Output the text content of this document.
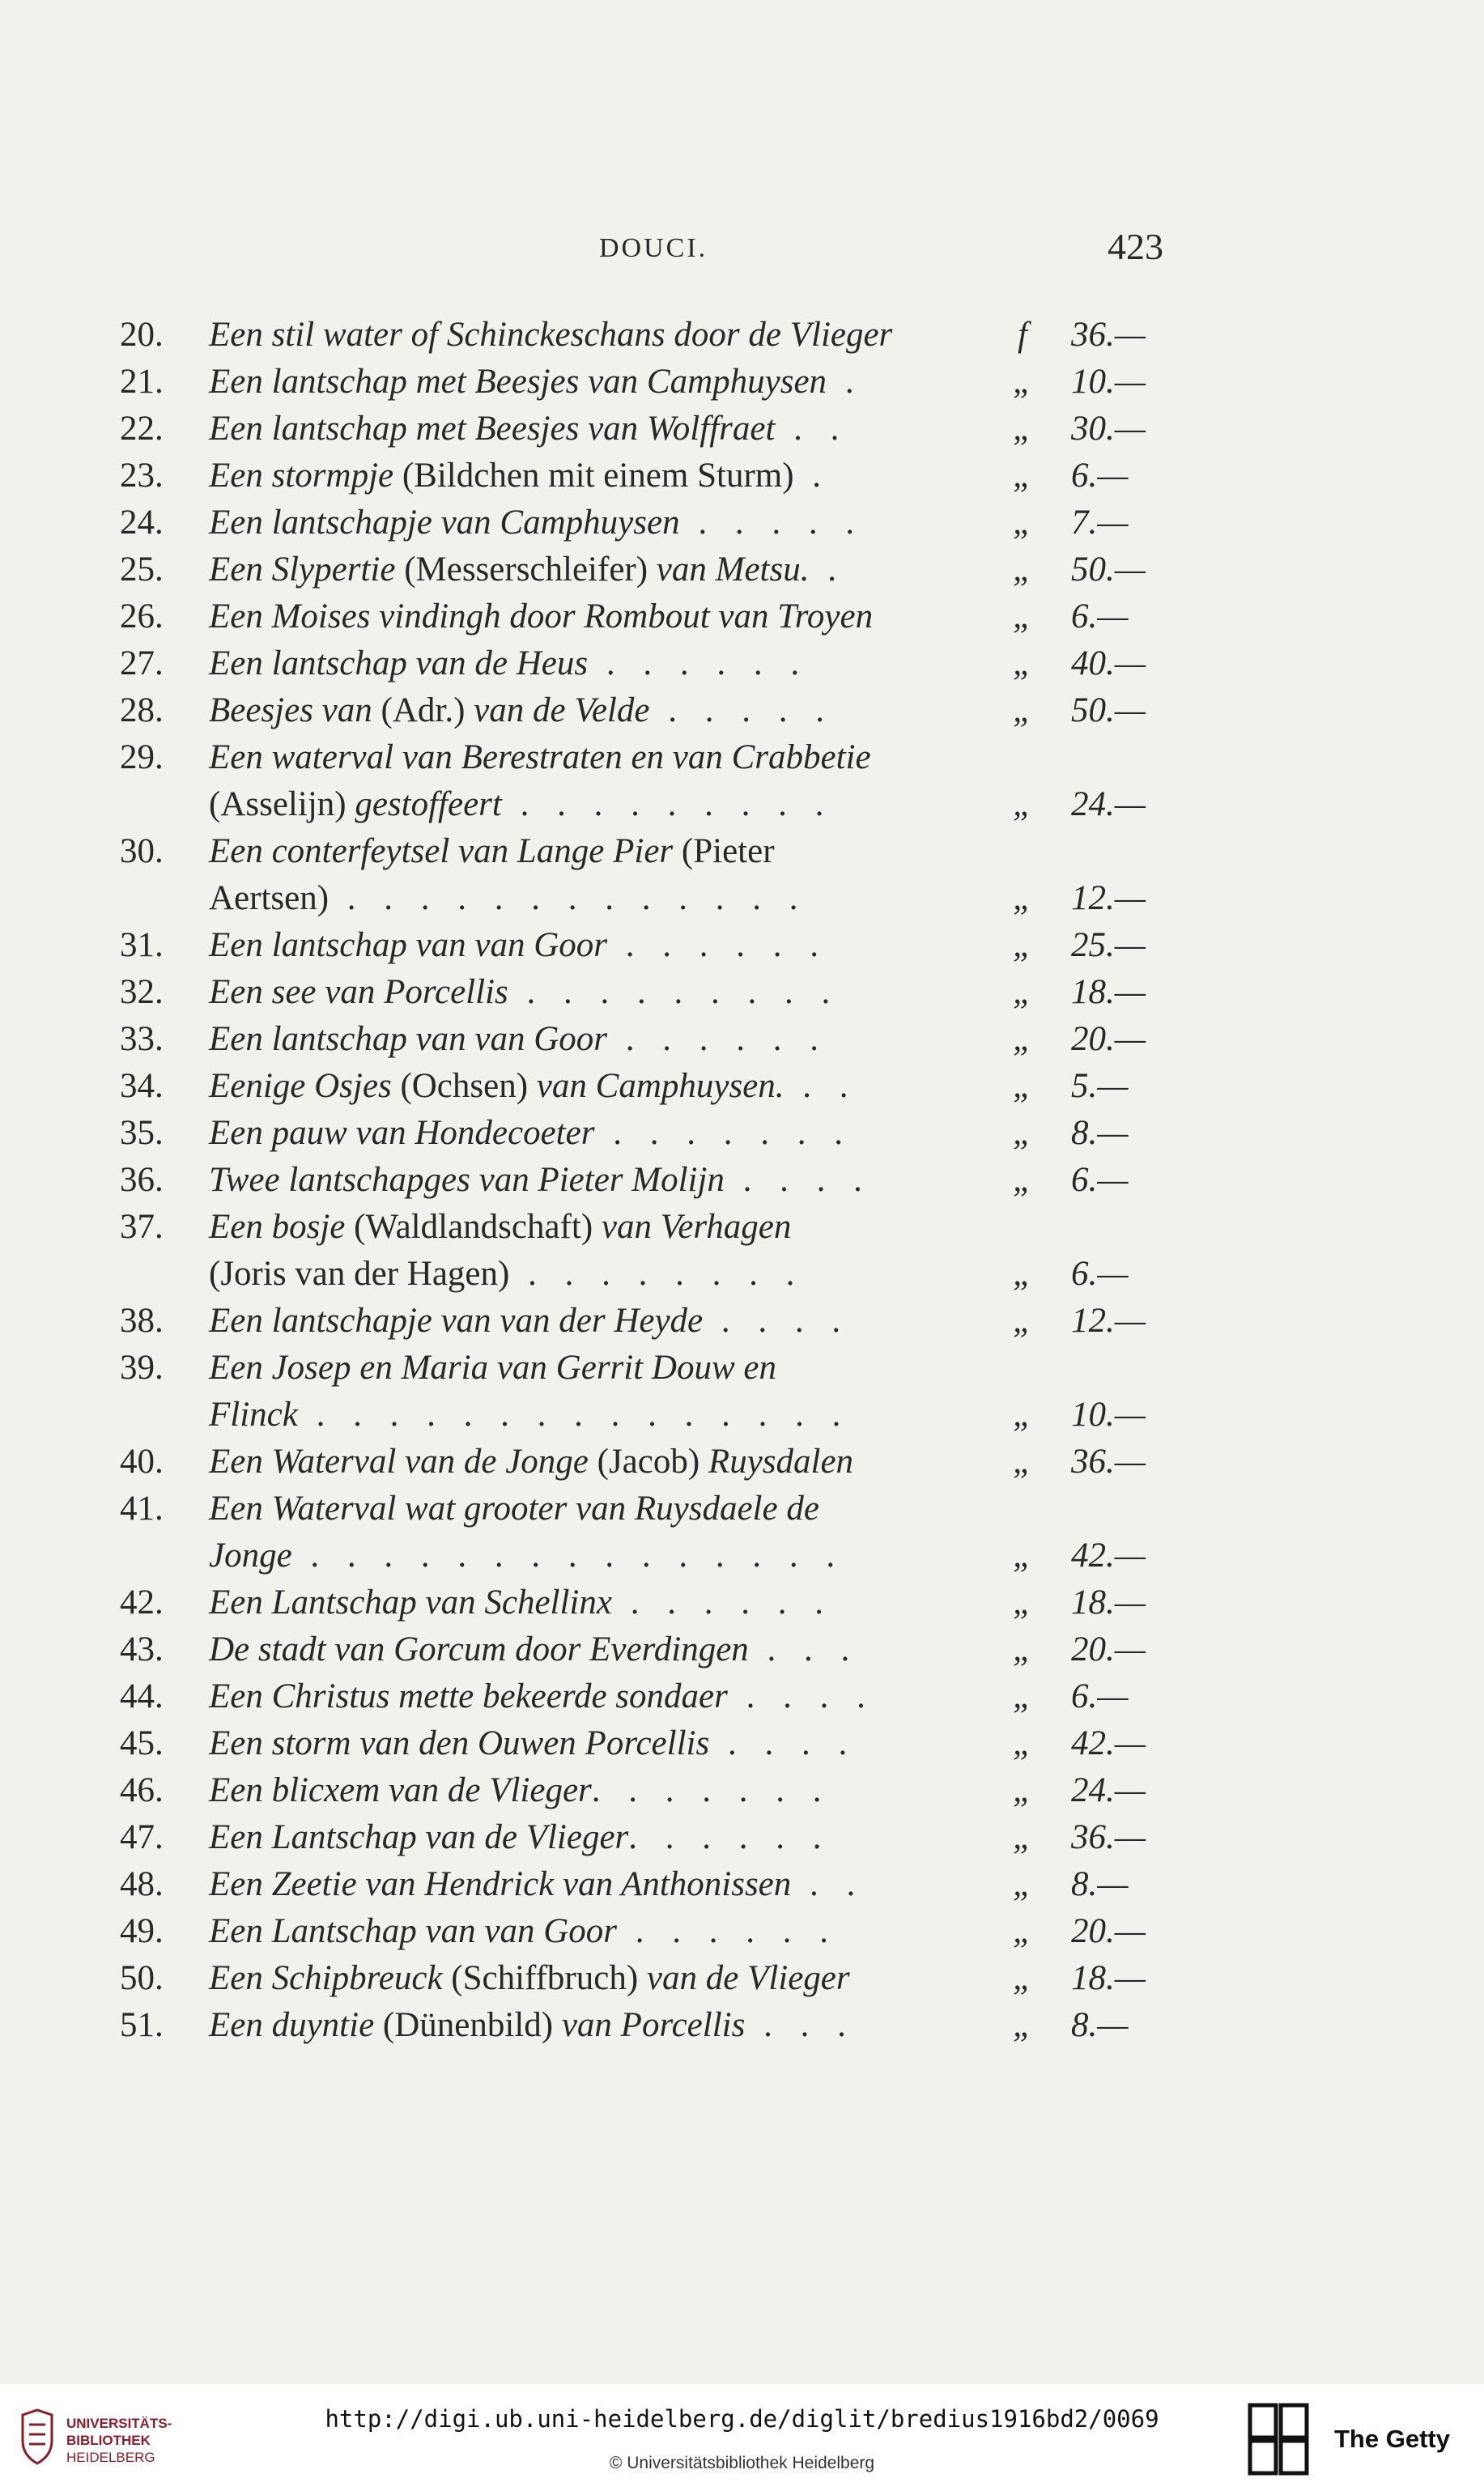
DOUCI.	423
20.	Een stil water of Schinckeschans door de Vlieger	f	36.—
21.	Een lantschap met Beesjes van Camphuysen .	„ 10.—
22.	Een lantschap met Beesjes van Wolffraet . .	„ 30.—
23.	Een stormpje (Bildchen mit einem Sturm) .	„ 6.—
24.	Een lantschapje van Camphuysen . . . . .	„ 7.—
25.	Een Slypertie (Messerschleifer) van Metsu. .	„ 50.—
26.	Een Moises vindingh door Rombout van Troyen	„ 6.—
27.	Een lantschap van de Heus . . . . . .	„ 40.—
28.	Beesjes van (Adr.) van de Velde . . . . .	„ 50.—
29.	Een waterval van Berestraten en van Crabbetie
(Asselijn) gestoffeert . . . . . . . . .	„ 24.—
30.	Een conterfeytsel van Lange Pier (Pieter
Aertsen) . . . . . . . . . . . . .	„ 12.—
31.	Een lantschap van van Goor . . . . . .	„ 25.—
32.	Een see van Porcellis . . . . . . . . .	„ 18.—
33.	Een lantschap van van Goor . . . . . .	„ 20.—
34.	Eenige Osjes (Ochsen) van Camphuysen. . .	„ 5.—
35.	Een pauw van Hondecoeter . . . . . . .	„ 8.—
36.	Twee lantschapges van Pieter Molijn . . . .	„ 6.—
37.	Een bosje (Waldlandschaft) van Verhagen
(Joris van der Hagen) . . . . . . . .	„ 6.—
38.	Een lantschapje van van der Heyde . . . .	„ 12.—
39.	Een Josep en Maria van Gerrit Douw en
Flinck . . . . . . . . . . . . . . .	„ 10.—
40.	Een Waterval van de Jonge (Jacob) Ruysdalen	„ 36.—
41.	Een Waterval wat grooter van Ruysdaele de
Jonge . . . . . . . . . . . . . . .	„ 42.—
42.	Een Lantschap van Schellinx . . . . . .	„ 18.—
43.	De stadt van Gorcum door Everdingen . . .	„ 20.—
44.	Een Christus mette bekeerde sondaer . . . .	„ 6.—
45.	Een storm van den Ouwen Porcellis . . . .	„ 42.—
46.	Een blicxem van de Vlieger. . . . . . .	„ 24.—
47.	Een Lantschap van de Vlieger. . . . . .	„ 36.—
48.	Een Zeetie van Hendrick van Anthonissen . .	„ 8.—
49.	Een Lantschap van van Goor . . . . . .	„ 20.—
50.	Een Schipbreuck (Schiffbruch) van de Vlieger	„ 18.—
51.	Een duyntie (Dünenbild) van Porcellis . . .	„ 8.—
UNIVERSITÄTS-
BIBLIOTHEK
HEIDELBERG
http://digi.ub.uni-heidelberg.de/diglit/bredius1916bd2/0069
© Universitätsbibliothek Heidelberg
The Getty
